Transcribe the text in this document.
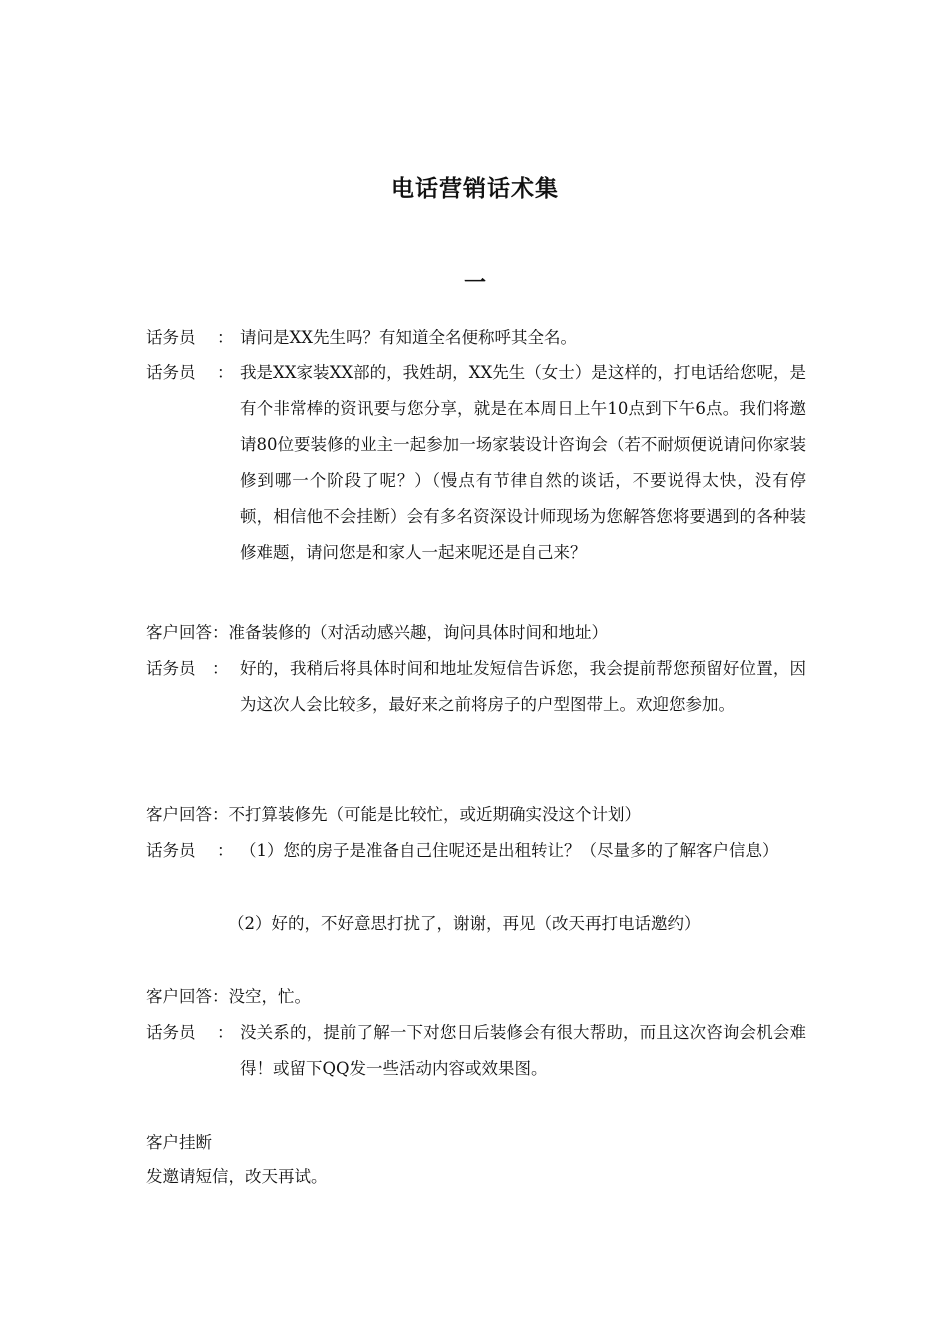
电话营销话术集
一
话务员 ： 请问是XX先生吗？有知道全名便称呼其全名。
话务员 ： 我是XX家装XX部的，我姓胡，XX先生（女士）是这样的，打电话给您呢，是有个非常棒的资讯要与您分享，就是在本周日上午10点到下午6点。我们将邀请80位要装修的业主一起参加一场家装设计咨询会（若不耐烦便说请问你家装修到哪一个阶段了呢？）（慢点有节律自然的谈话，不要说得太快，没有停顿，相信他不会挂断）会有多名资深设计师现场为您解答您将要遇到的各种装修难题，请问您是和家人一起来呢还是自己来？
客户回答：准备装修的（对活动感兴趣，询问具体时间和地址）
话务员 ： 好的，我稍后将具体时间和地址发短信告诉您，我会提前帮您预留好位置，因为这次人会比较多，最好来之前将房子的户型图带上。欢迎您参加。
客户回答：不打算装修先（可能是比较忙，或近期确实没这个计划）
话务员 ： （1）您的房子是准备自己住呢还是出租转让？（尽量多的了解客户信息）
（2）好的，不好意思打扰了，谢谢，再见（改天再打电话邀约）
客户回答：没空，忙。
话务员 ： 没关系的，提前了解一下对您日后装修会有很大帮助，而且这次咨询会机会难得！或留下QQ发一些活动内容或效果图。
客户挂断
发邀请短信，改天再试。
